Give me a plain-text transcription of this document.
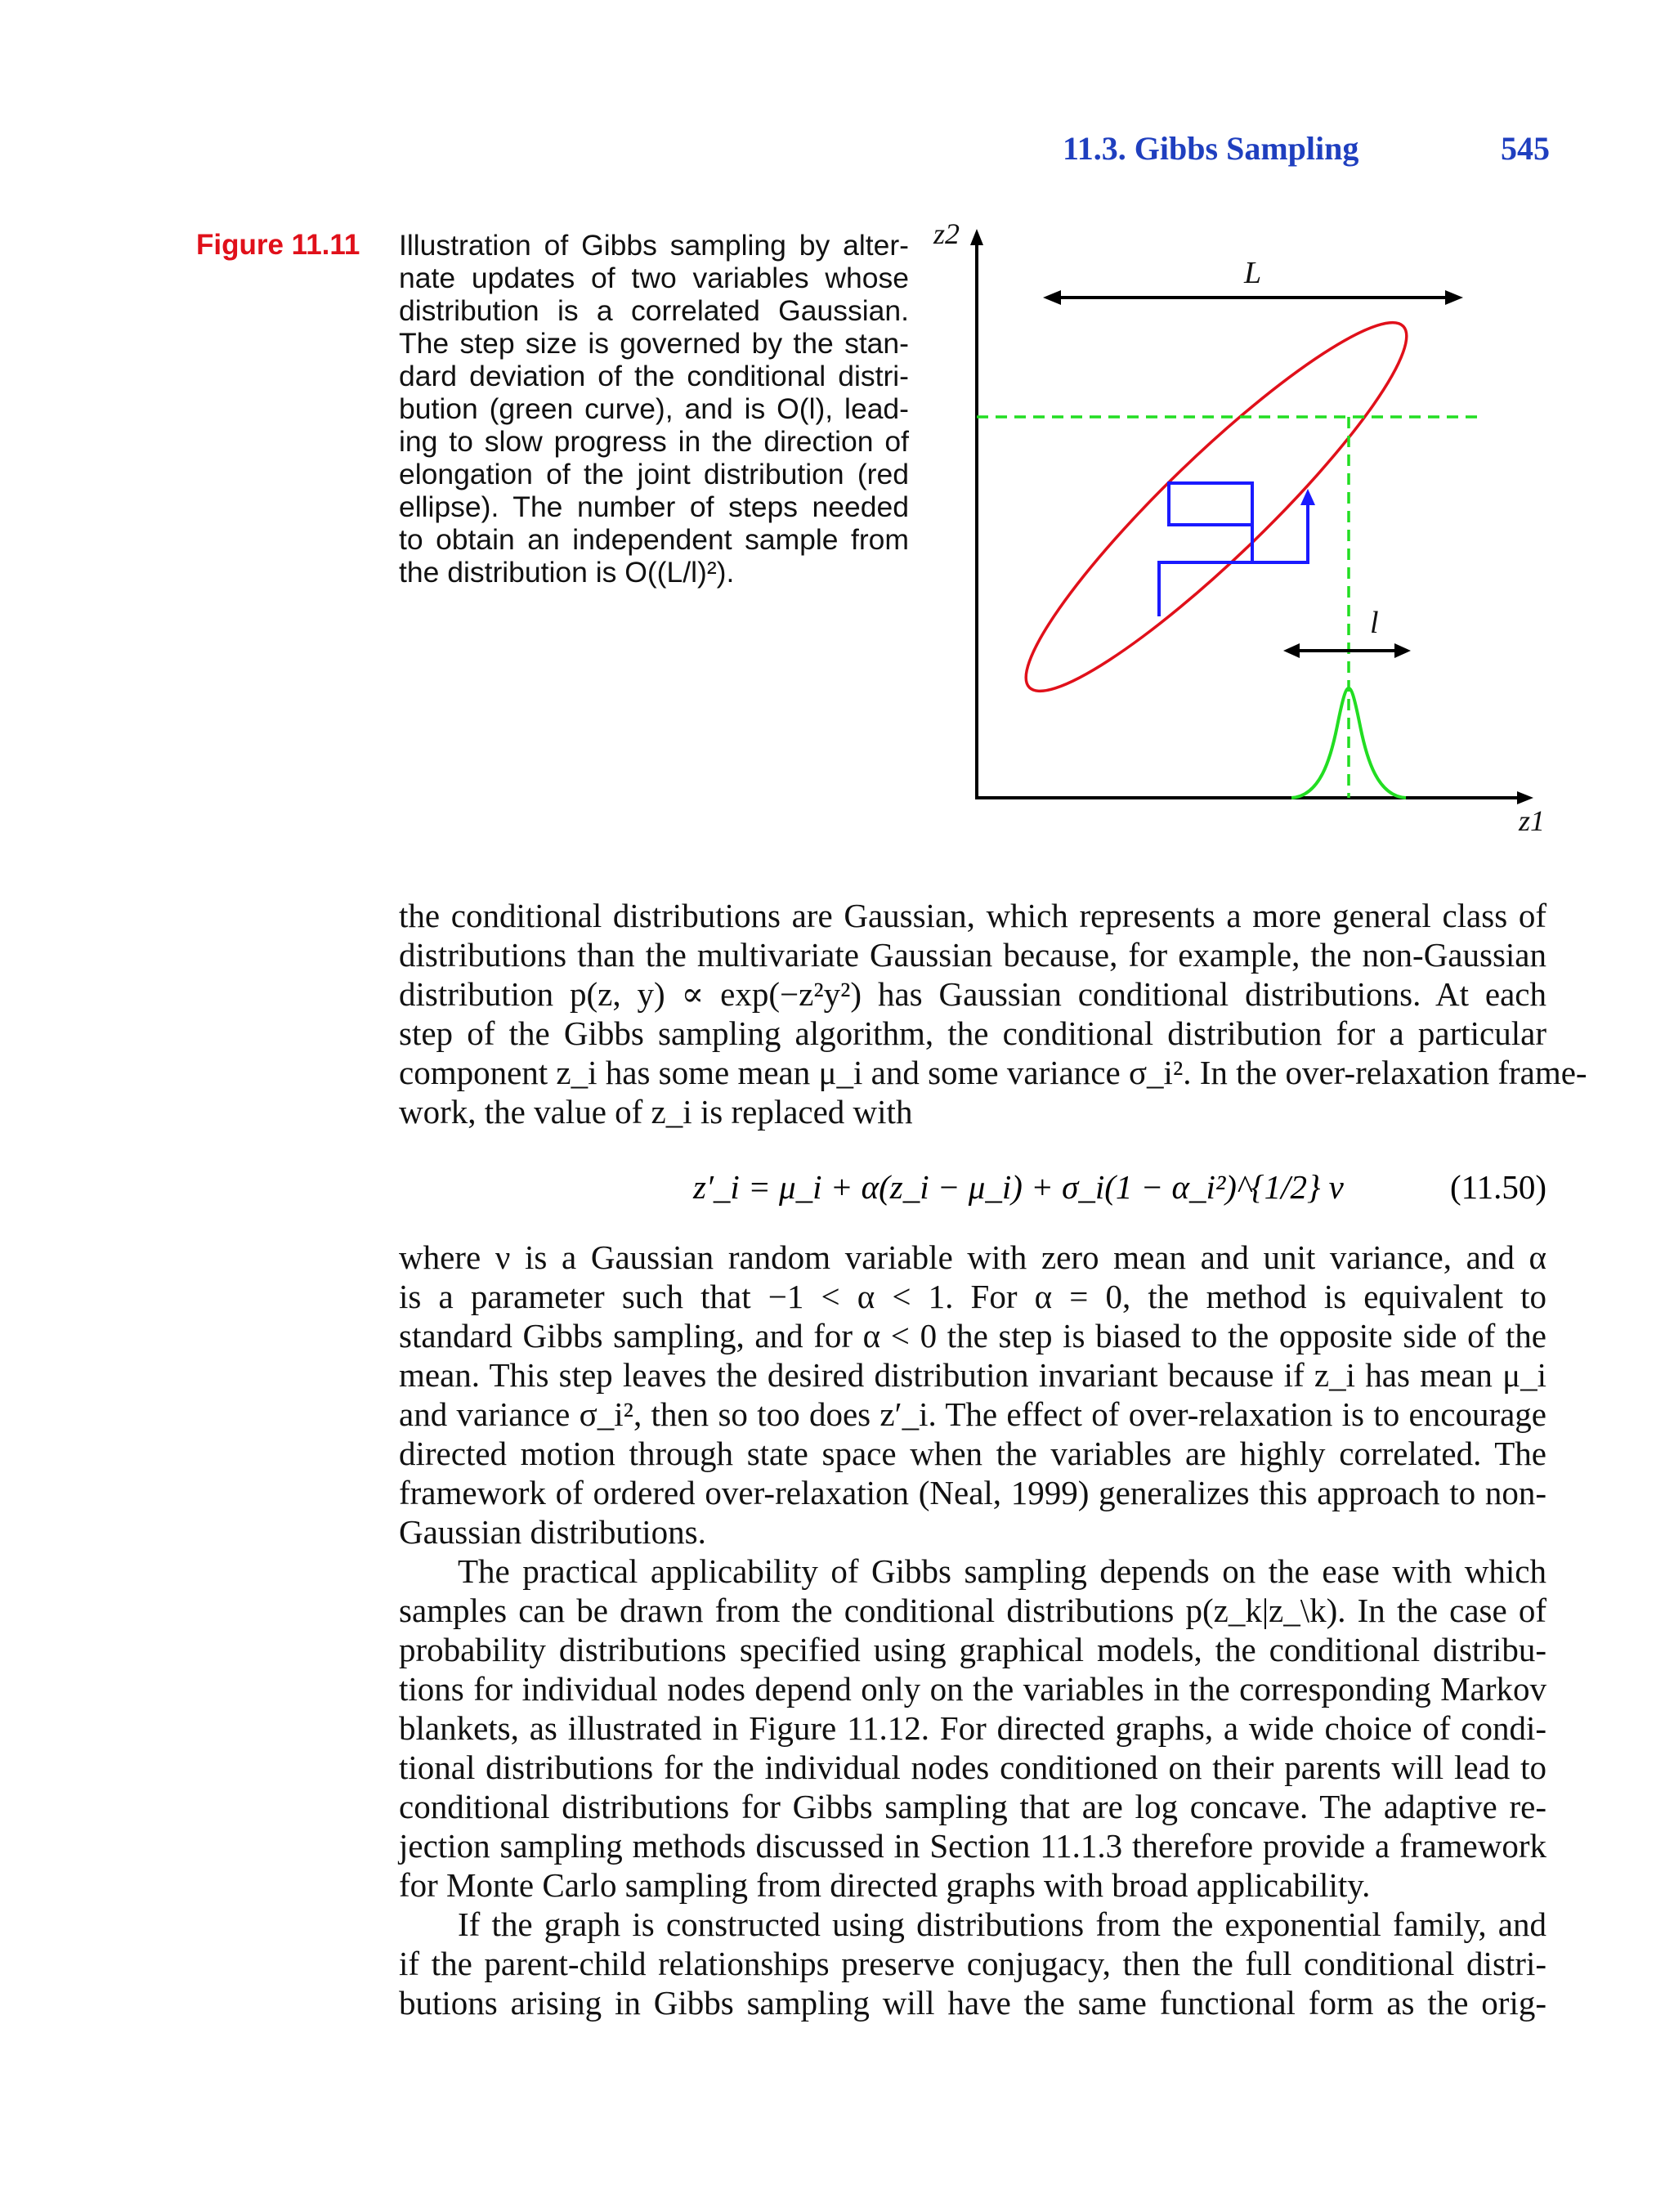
11.3. Gibbs Sampling	545
Figure 11.11 Illustration of Gibbs sampling by alter-
nate updates of two variables whose
distribution is a correlated Gaussian.
The step size is governed by the stan-
dard deviation of the conditional distri-
bution (green curve), and is O(l), lead-
ing to slow progress in the direction of
elongation of the joint distribution (red
ellipse). The number of steps needed
to obtain an independent sample from
the distribution is O((L/l)²).
z2
z1
L
l
the conditional distributions are Gaussian, which represents a more general class of
distributions than the multivariate Gaussian because, for example, the non-Gaussian
distribution p(z, y) ∝ exp(−z²y²) has Gaussian conditional distributions. At each
step of the Gibbs sampling algorithm, the conditional distribution for a particular
component z_i has some mean μ_i and some variance σ_i². In the over-relaxation frame-
work, the value of z_i is replaced with
z′_i = μ_i + α(z_i − μ_i) + σ_i(1 − α_i²)^{1/2} ν	(11.50)
where ν is a Gaussian random variable with zero mean and unit variance, and α
is a parameter such that −1 < α < 1. For α = 0, the method is equivalent to
standard Gibbs sampling, and for α < 0 the step is biased to the opposite side of the
mean. This step leaves the desired distribution invariant because if z_i has mean μ_i
and variance σ_i², then so too does z′_i. The effect of over-relaxation is to encourage
directed motion through state space when the variables are highly correlated. The
framework of ordered over-relaxation (Neal, 1999) generalizes this approach to non-
Gaussian distributions.
The practical applicability of Gibbs sampling depends on the ease with which
samples can be drawn from the conditional distributions p(z_k|z_\k). In the case of
probability distributions specified using graphical models, the conditional distribu-
tions for individual nodes depend only on the variables in the corresponding Markov
blankets, as illustrated in Figure 11.12. For directed graphs, a wide choice of condi-
tional distributions for the individual nodes conditioned on their parents will lead to
conditional distributions for Gibbs sampling that are log concave. The adaptive re-
jection sampling methods discussed in Section 11.1.3 therefore provide a framework
for Monte Carlo sampling from directed graphs with broad applicability.
If the graph is constructed using distributions from the exponential family, and
if the parent-child relationships preserve conjugacy, then the full conditional distri-
butions arising in Gibbs sampling will have the same functional form as the orig-
